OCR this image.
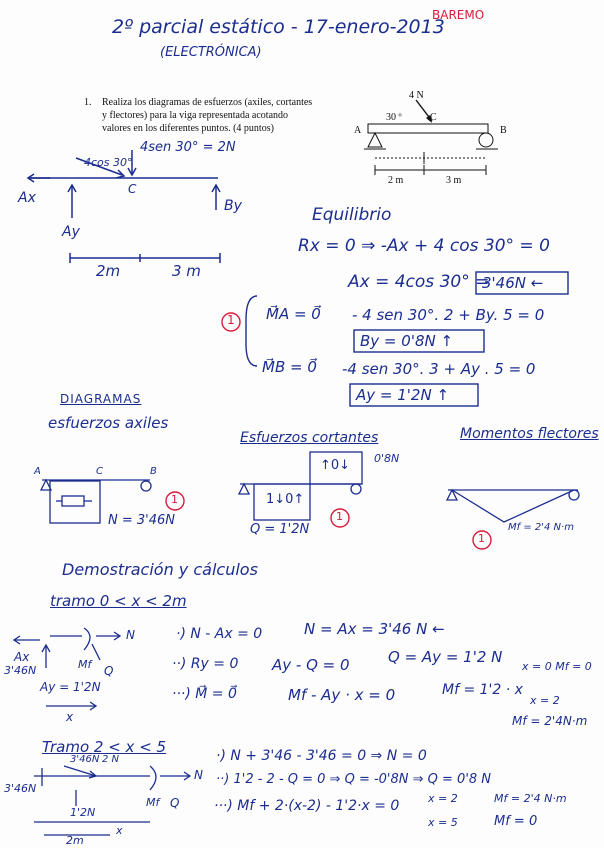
2º parcial estático - 17-enero-2013
(ELECTRÓNICA)
BAREMO
1. Realiza los diagramas de esfuerzos (axiles, cortantes
y flectores) para la viga representada acotando
valores en los diferentes puntos. (4 puntos)
4 N
30 º
A	B
C
2 m	3 m
4sen 30° = 2N
4cos 30°
C
Ax
Ay
By
2m	3 m
Equilibrio
Rx = 0 ⇒ -Ax + 4 cos 30° = 0
Ax = 4cos 30° =
3'46N ←
1 M⃗A = 0⃗ - 4 sen 30°. 2 + By. 5 = 0
By = 0'8N ↑
M⃗B = 0⃗ -4 sen 30°. 3 + Ay . 5 = 0
Ay = 1'2N ↑
DIAGRAMAS
esfuerzos axiles
A	C	B
N = 3'46N
1
Esfuerzos cortantes
1↓0↑
↑0↓ 0'8N
Q = 1'2N
1
Momentos flectores
Mf = 2'4 N·m
1
Demostración y cálculos
tramo 0 < x < 2m
Ax
3'46N
Ay = 1'2N
N
Q
Mf
x
·) N - Ax = 0	N = Ax = 3'46 N ←
··) Ry = 0 Ay - Q = 0	Q = Ay = 1'2 N
···) M⃗ = 0⃗	Mf - Ay · x = 0	Mf = 1'2 · x
x = 0 Mf = 0
x = 2
Mf = 2'4N·m
Tramo 2 < x < 5
3'46N 2 N
3'46N
1'2N
2m
x
N
Q
Mf
·) N + 3'46 - 3'46 = 0 ⇒ N = 0
··) 1'2 - 2 - Q = 0 ⇒ Q = -0'8N ⇒ Q = 0'8 N
···) Mf + 2·(x-2) - 1'2·x = 0	x = 2	Mf = 2'4 N·m
x = 5	Mf = 0
